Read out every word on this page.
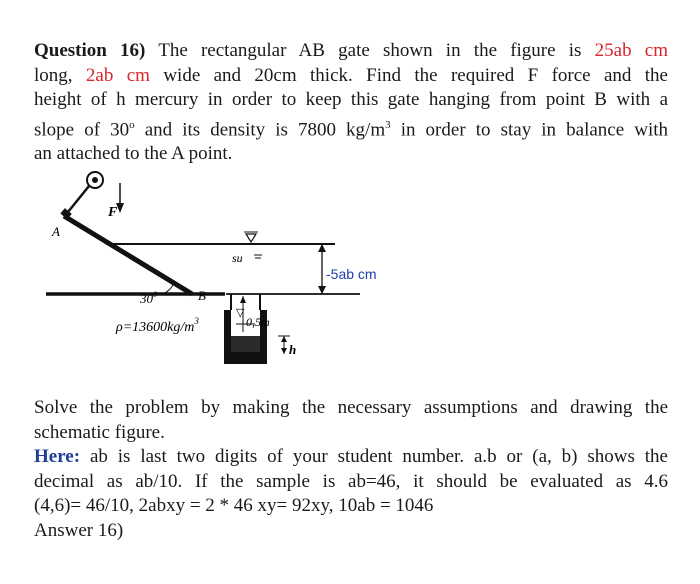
Question 16) The rectangular AB gate shown in the figure is 25ab cm
long, 2ab cm wide and 20cm thick. Find the required F force and the
height of h mercury in order to keep this gate hanging from point B with a
slope of 30$^o$ and its density is 7800 $kg/m^3$ in order to stay in balance with
an attached to the A point.
F
A
su
-5ab cm
$30^0$	B
▽
0,5m
h
$\rho=13600kg/m^3$
Solve the problem by making the necessary assumptions and drawing the
schematic figure.
Here: ab is last two digits of your student number. a.b or (a, b) shows the
decimal as ab/10. If the sample is ab=46, it should be evaluated as 4.6
(4,6)= 46/10, 2abxy = 2 * 46 xy= 92xy, 10ab = 1046
Answer 16)
